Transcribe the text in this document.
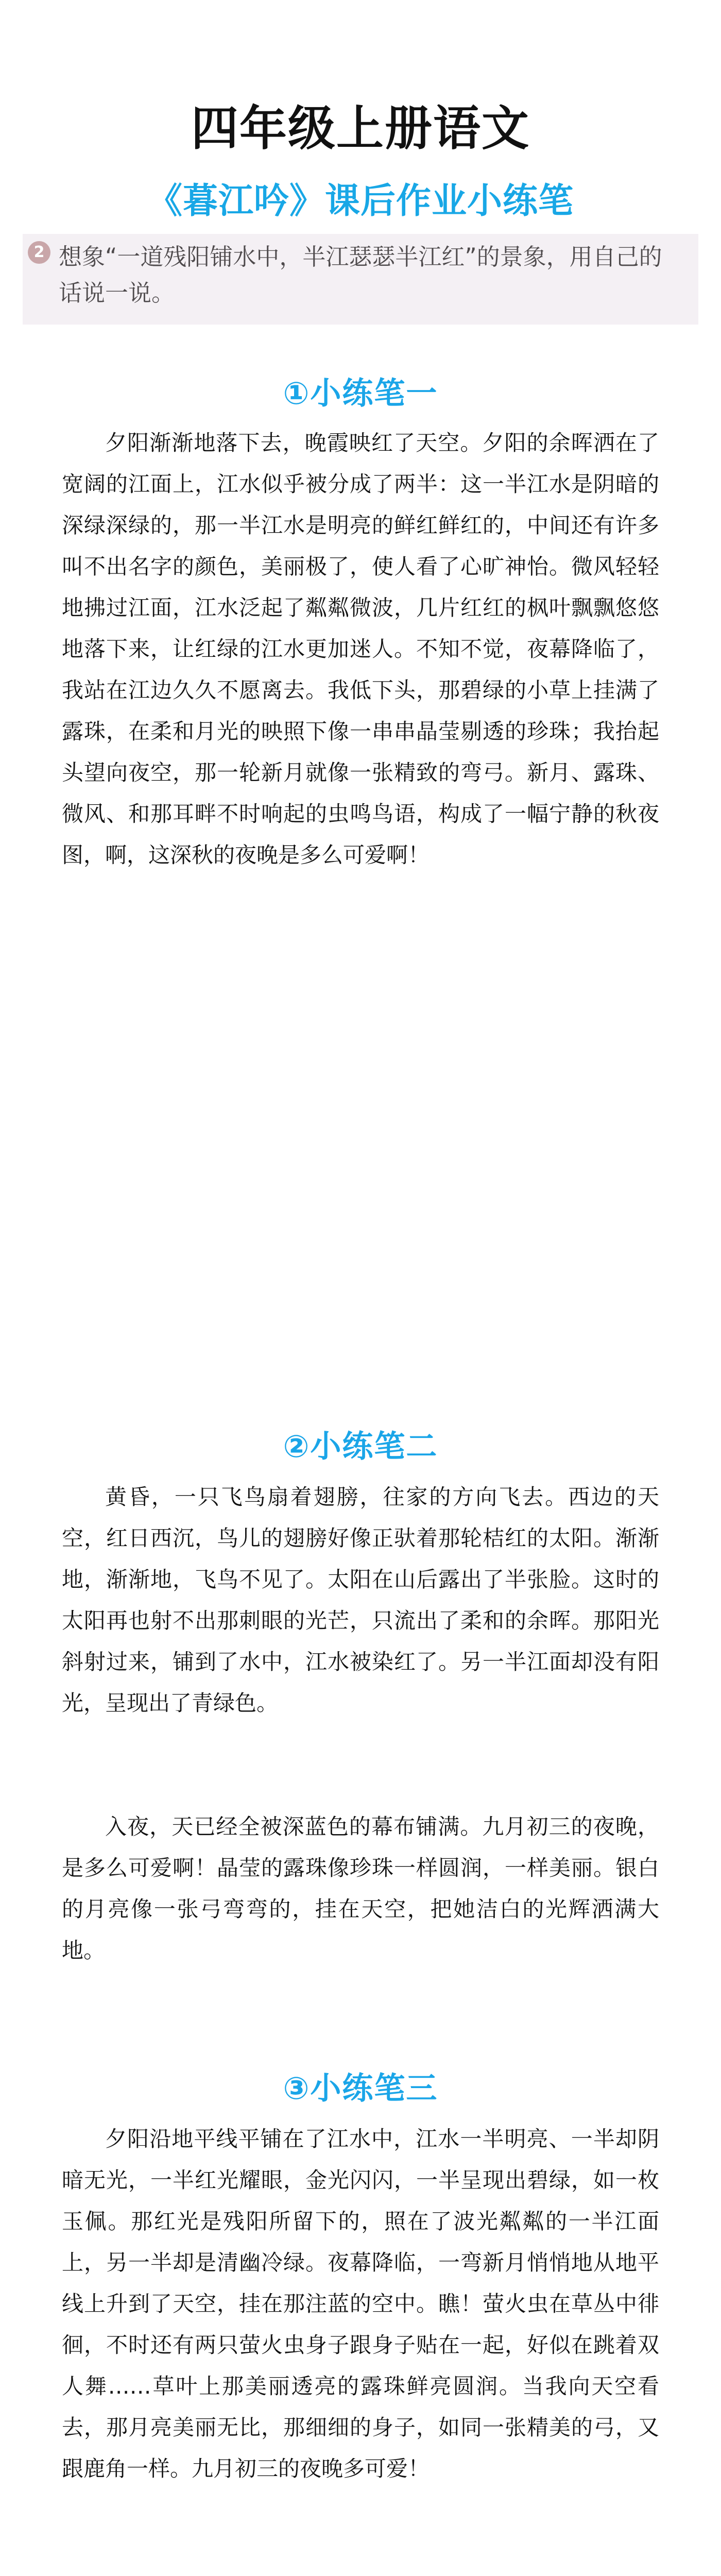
四年级上册语文
《暮江吟》课后作业小练笔
2 想象“一道残阳铺水中，半江瑟瑟半江红”的景象，用自己的话说一说。
①小练笔一

夕阳渐渐地落下去，晚霞映红了天空。夕阳的余晖洒在了宽阔的江面上，江水似乎被分成了两半：这一半江水是阴暗的深绿深绿的，那一半江水是明亮的鲜红鲜红的，中间还有许多叫不出名字的颜色，美丽极了，使人看了心旷神怡。微风轻轻地拂过江面，江水泛起了粼粼微波，几片红红的枫叶飘飘悠悠地落下来，让红绿的江水更加迷人。不知不觉，夜幕降临了，我站在江边久久不愿离去。我低下头，那碧绿的小草上挂满了露珠，在柔和月光的映照下像一串串晶莹剔透的珍珠；我抬起头望向夜空，那一轮新月就像一张精致的弯弓。新月、露珠、微风、和那耳畔不时响起的虫鸣鸟语，构成了一幅宁静的秋夜图，啊，这深秋的夜晚是多么可爱啊！

②小练笔二

黄昏，一只飞鸟扇着翅膀，往家的方向飞去。西边的天空，红日西沉，鸟儿的翅膀好像正驮着那轮桔红的太阳。渐渐地，渐渐地，飞鸟不见了。太阳在山后露出了半张脸。这时的太阳再也射不出那刺眼的光芒，只流出了柔和的余晖。那阳光斜射过来，铺到了水中，江水被染红了。另一半江面却没有阳光，呈现出了青绿色。

入夜，天已经全被深蓝色的幕布铺满。九月初三的夜晚，是多么可爱啊！晶莹的露珠像珍珠一样圆润，一样美丽。银白的月亮像一张弓弯弯的，挂在天空，把她洁白的光辉洒满大地。

③小练笔三

夕阳沿地平线平铺在了江水中，江水一半明亮、一半却阴暗无光，一半红光耀眼，金光闪闪，一半呈现出碧绿，如一枚玉佩。那红光是残阳所留下的，照在了波光粼粼的一半江面上，另一半却是清幽冷绿。夜幕降临，一弯新月悄悄地从地平线上升到了天空，挂在那注蓝的空中。瞧！萤火虫在草丛中徘徊，不时还有两只萤火虫身子跟身子贴在一起，好似在跳着双人舞……草叶上那美丽透亮的露珠鲜亮圆润。当我向天空看去，那月亮美丽无比，那细细的身子，如同一张精美的弓，又跟鹿角一样。九月初三的夜晚多可爱！
